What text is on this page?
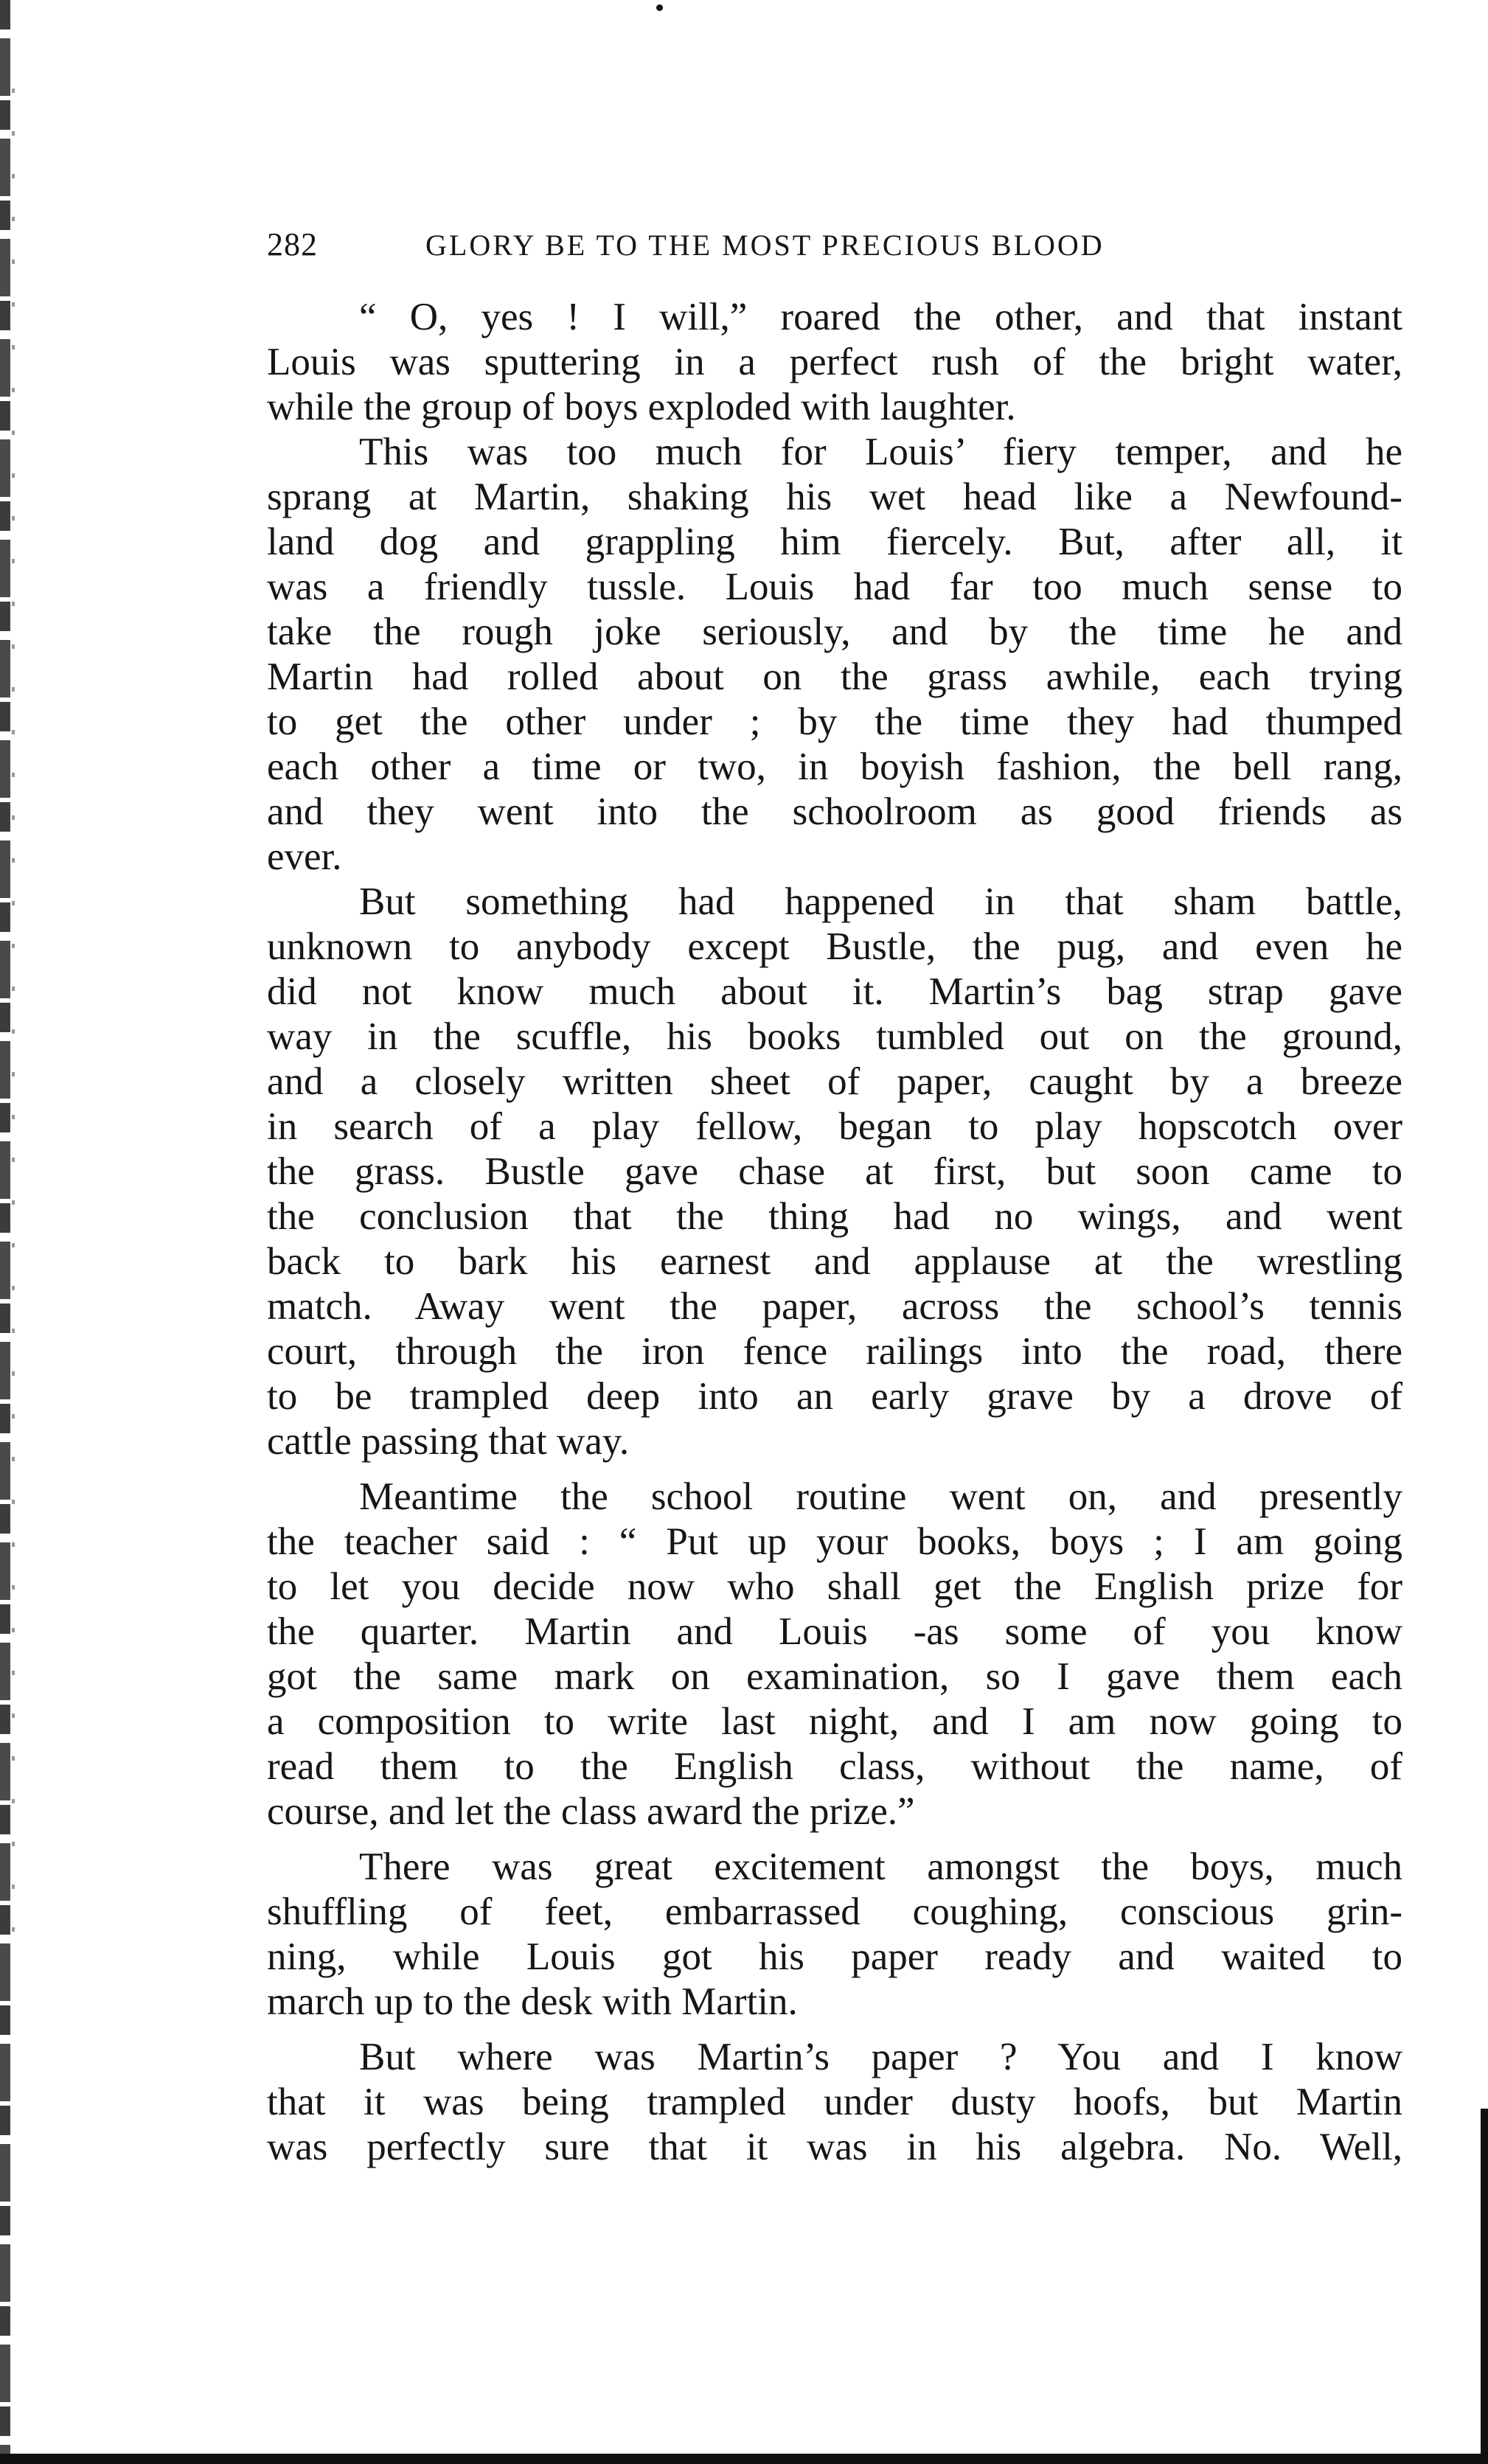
282	GLORY BE TO THE MOST PRECIOUS BLOOD
“ O, yes ! I will,” roared the other, and that instant
Louis was sputtering in a perfect rush of the bright water,
while the group of boys exploded with laughter.
This was too much for Louis’ fiery temper, and he
sprang at Martin, shaking his wet head like a Newfound-
land dog and grappling him fiercely. But, after all, it
was a friendly tussle. Louis had far too much sense to
take the rough joke seriously, and by the time he and
Martin had rolled about on the grass awhile, each trying
to get the other under ; by the time they had thumped
each other a time or two, in boyish fashion, the bell rang,
and they went into the schoolroom as good friends as
ever.
But something had happened in that sham battle,
unknown to anybody except Bustle, the pug, and even he
did not know much about it. Martin’s bag strap gave
way in the scuffle, his books tumbled out on the ground,
and a closely written sheet of paper, caught by a breeze
in search of a play fellow, began to play hopscotch over
the grass. Bustle gave chase at first, but soon came to
the conclusion that the thing had no wings, and went
back to bark his earnest and applause at the wrestling
match. Away went the paper, across the school’s tennis
court, through the iron fence railings into the road, there
to be trampled deep into an early grave by a drove of
cattle passing that way.
Meantime the school routine went on, and presently
the teacher said : “ Put up your books, boys ; I am going
to let you decide now who shall get the English prize for
the quarter. Martin and Louis -as some of you know
got the same mark on examination, so I gave them each
a composition to write last night, and I am now going to
read them to the English class, without the name, of
course, and let the class award the prize.”
There was great excitement amongst the boys, much
shuffling of feet, embarrassed coughing, conscious grin-
ning, while Louis got his paper ready and waited to
march up to the desk with Martin.
But where was Martin’s paper ? You and I know
that it was being trampled under dusty hoofs, but Martin
was perfectly sure that it was in his algebra. No. Well,
